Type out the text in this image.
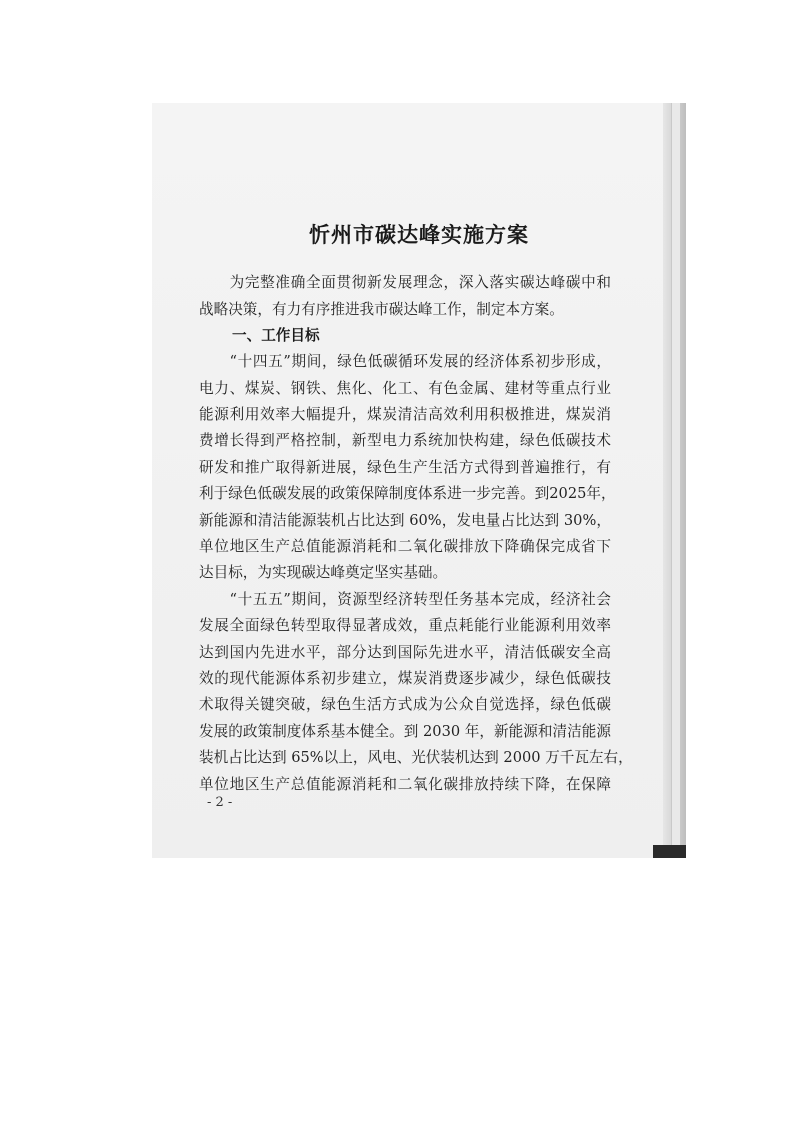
忻州市碳达峰实施方案
　　为完整准确全面贯彻新发展理念，深入落实碳达峰碳中和
战略决策，有力有序推进我市碳达峰工作，制定本方案。
一、工作目标
　　“十四五”期间，绿色低碳循环发展的经济体系初步形成，
电力、煤炭、钢铁、焦化、化工、有色金属、建材等重点行业
能源利用效率大幅提升，煤炭清洁高效利用积极推进，煤炭消
费增长得到严格控制，新型电力系统加快构建，绿色低碳技术
研发和推广取得新进展，绿色生产生活方式得到普遍推行，有
利于绿色低碳发展的政策保障制度体系进一步完善。到2025年，
新能源和清洁能源装机占比达到 60%，发电量占比达到 30%，
单位地区生产总值能源消耗和二氧化碳排放下降确保完成省下
达目标，为实现碳达峰奠定坚实基础。
　　“十五五”期间，资源型经济转型任务基本完成，经济社会
发展全面绿色转型取得显著成效，重点耗能行业能源利用效率
达到国内先进水平，部分达到国际先进水平，清洁低碳安全高
效的现代能源体系初步建立，煤炭消费逐步减少，绿色低碳技
术取得关键突破，绿色生活方式成为公众自觉选择，绿色低碳
发展的政策制度体系基本健全。到 2030 年，新能源和清洁能源
装机占比达到 65%以上，风电、光伏装机达到 2000 万千瓦左右，
单位地区生产总值能源消耗和二氧化碳排放持续下降，在保障
- 2 -
